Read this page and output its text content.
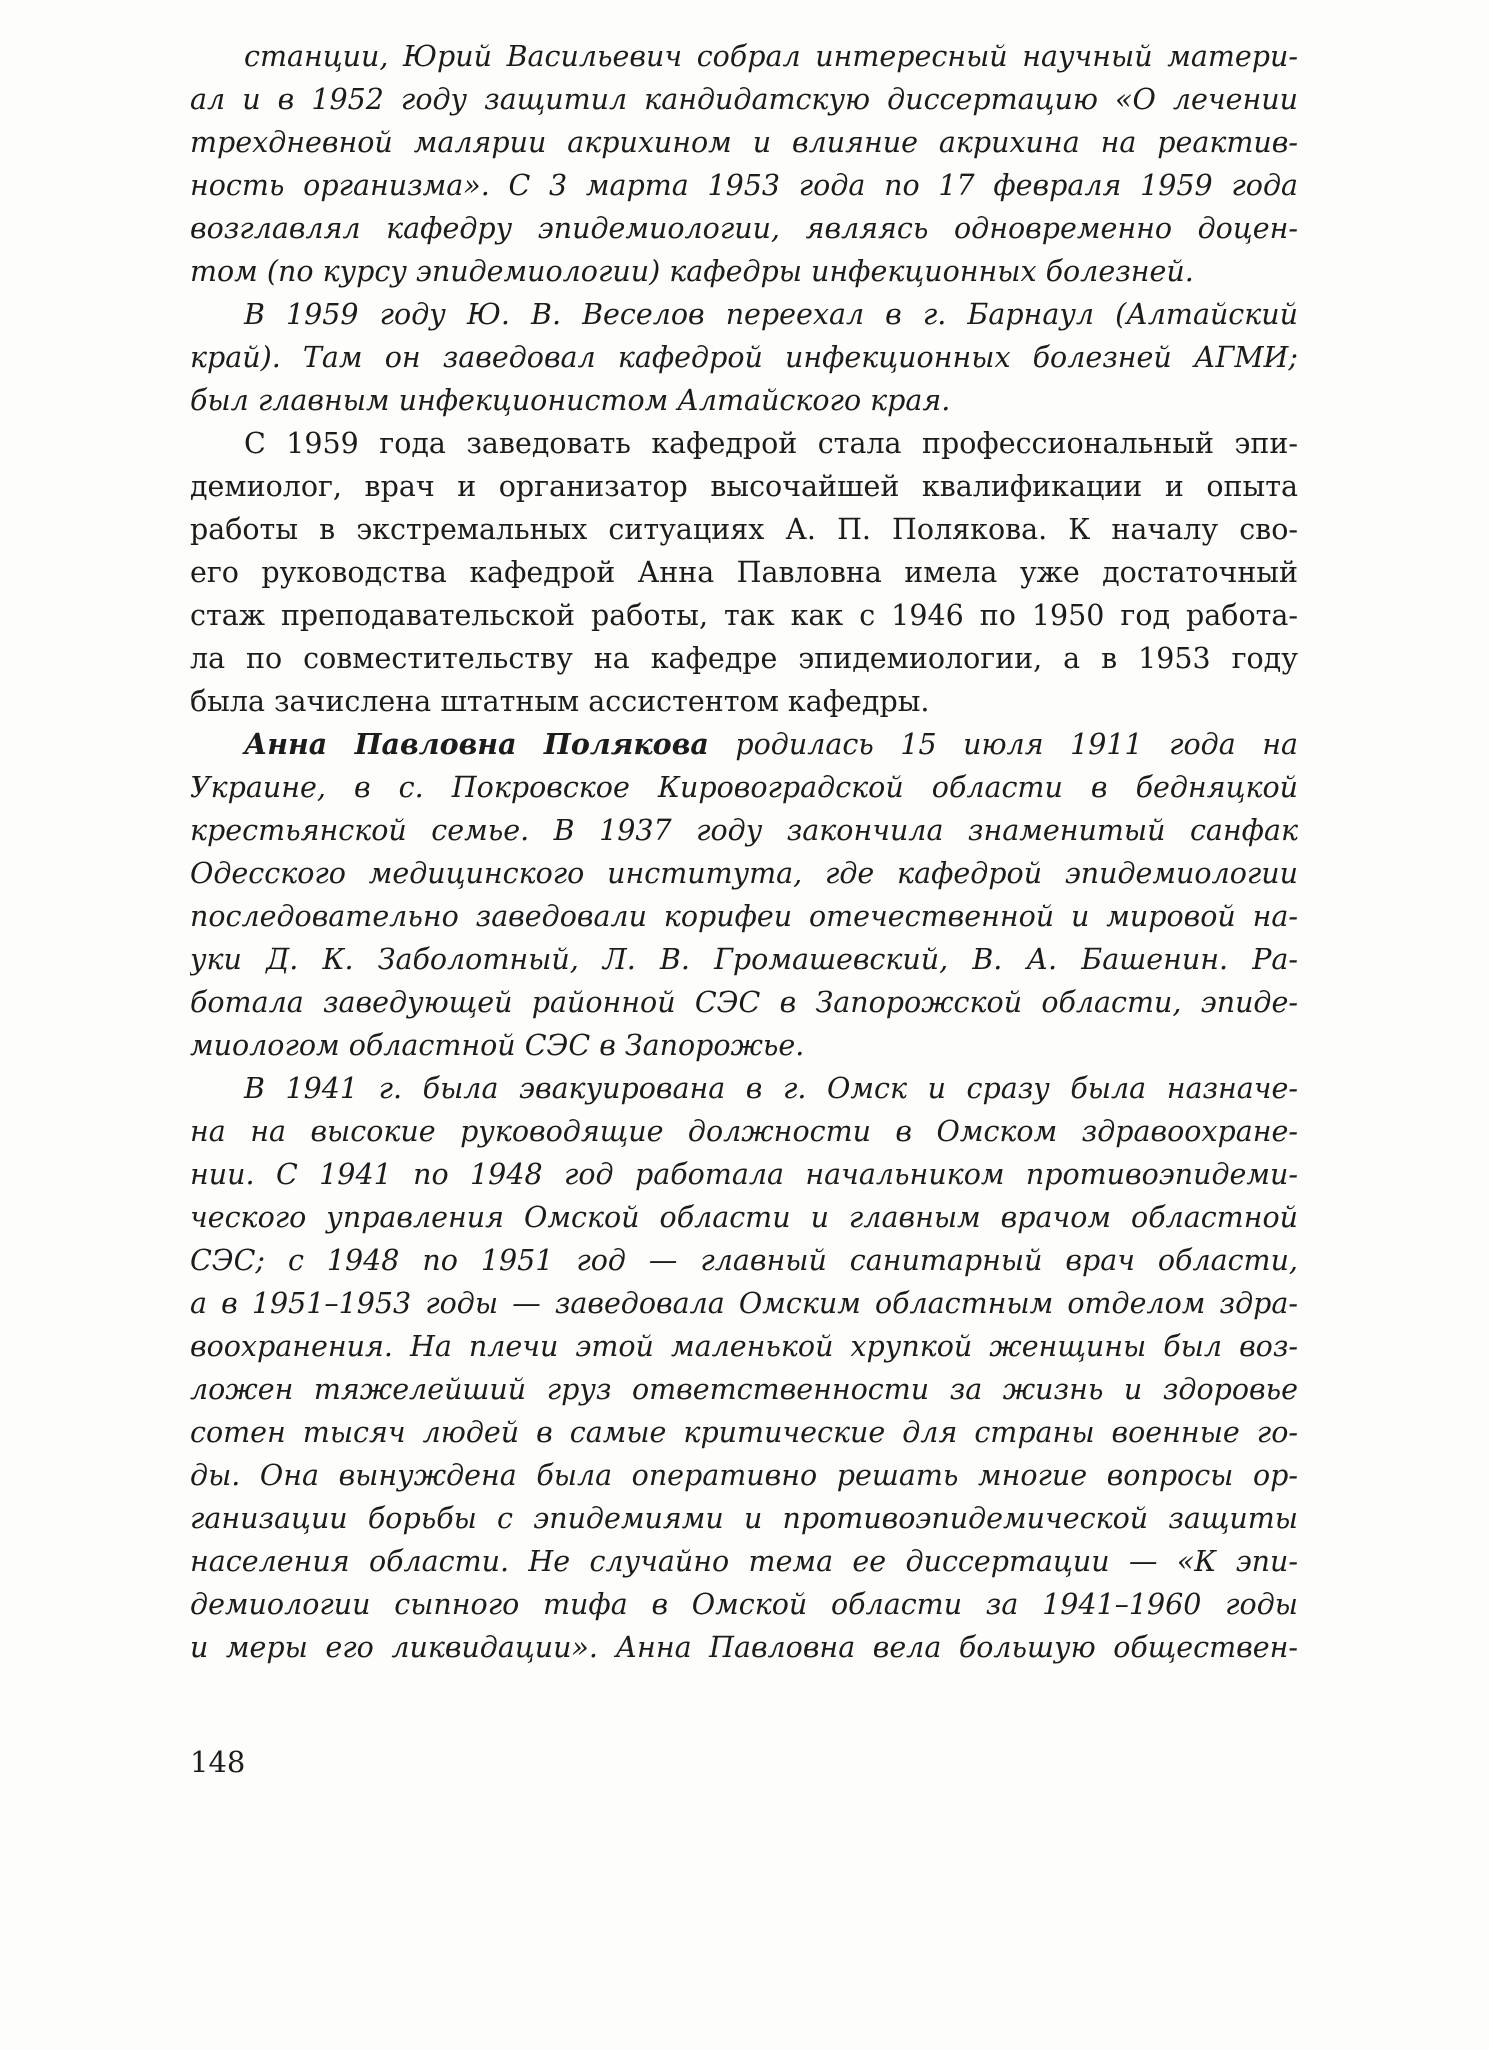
станции, Юрий Васильевич собрал интересный научный матери-
ал и в 1952 году защитил кандидатскую диссертацию «О лечении
трехдневной малярии акрихином и влияние акрихина на реактив-
ность организма». С 3 марта 1953 года по 17 февраля 1959 года
возглавлял кафедру эпидемиологии, являясь одновременно доцен-
том (по курсу эпидемиологии) кафедры инфекционных болезней.
В 1959 году Ю. В. Веселов переехал в г. Барнаул (Алтайский
край). Там он заведовал кафедрой инфекционных болезней АГМИ;
был главным инфекционистом Алтайского края.
С 1959 года заведовать кафедрой стала профессиональный эпи-
демиолог, врач и организатор высочайшей квалификации и опыта
работы в экстремальных ситуациях А. П. Полякова. К началу сво-
его руководства кафедрой Анна Павловна имела уже достаточный
стаж преподавательской работы, так как с 1946 по 1950 год работа-
ла по совместительству на кафедре эпидемиологии, а в 1953 году
была зачислена штатным ассистентом кафедры.
Анна Павловна Полякова родилась 15 июля 1911 года на
Украине, в с. Покровское Кировоградской области в бедняцкой
крестьянской семье. В 1937 году закончила знаменитый санфак
Одесского медицинского института, где кафедрой эпидемиологии
последовательно заведовали корифеи отечественной и мировой на-
уки Д. К. Заболотный, Л. В. Громашевский, В. А. Башенин. Ра-
ботала заведующей районной СЭС в Запорожской области, эпиде-
миологом областной СЭС в Запорожье.
В 1941 г. была эвакуирована в г. Омск и сразу была назначе-
на на высокие руководящие должности в Омском здравоохране-
нии. С 1941 по 1948 год работала начальником противоэпидеми-
ческого управления Омской области и главным врачом областной
СЭС; с 1948 по 1951 год — главный санитарный врач области,
а в 1951–1953 годы — заведовала Омским областным отделом здра-
воохранения. На плечи этой маленькой хрупкой женщины был воз-
ложен тяжелейший груз ответственности за жизнь и здоровье
сотен тысяч людей в самые критические для страны военные го-
ды. Она вынуждена была оперативно решать многие вопросы ор-
ганизации борьбы с эпидемиями и противоэпидемической защиты
населения области. Не случайно тема ее диссертации — «К эпи-
демиологии сыпного тифа в Омской области за 1941–1960 годы
и меры его ликвидации». Анна Павловна вела большую обществен-
148
